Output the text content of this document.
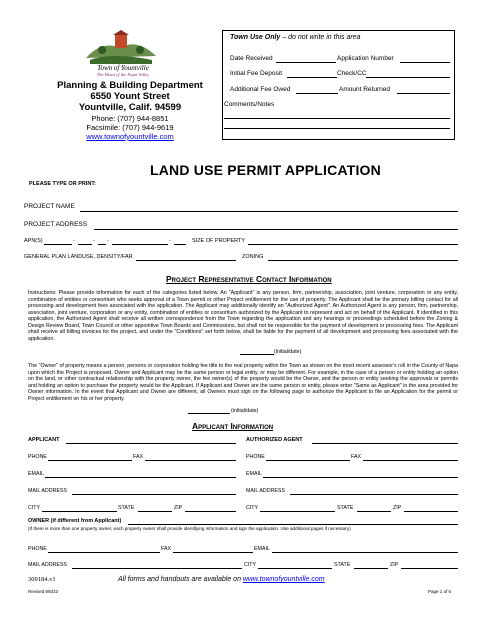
Town of Yountville
The Heart of the Napa Valley
Planning & Building Department
6550 Yount Street
Yountville, Calif. 94599
Phone: (707) 944-8851
Facsimile: (707) 944-9619
www.townofyountville.com
Town Use Only – do not write in this area
Date Received	Application Number
Initial Fee Deposit	Check/CC
Additional Fee Owed	Amount Returned
Comments/Notes
LAND USE PERMIT APPLICATION
PLEASE TYPE OR PRINT:
PROJECT NAME
PROJECT ADDRESS
APN(S)	-	- -	-	SIZE OF PROPERTY
GENERAL PLAN LANDUSE, DENSITY/FAR	ZONING
Project Representative Contact Information
Instructions: Please provide information for each of the categories listed below. An "Applicant" is any person, firm, partnership, association, joint venture, corporation or any entity, combination of entities or consortium who seeks approval of a Town permit or other Project entitlement for the use of property. The Applicant shall be the primary billing contact for all processing and development fees associated with the application. The Applicant may additionally identify an "Authorized Agent". An Authorized Agent is any person, firm, partnership, association, joint venture, corporation or any entity, combination of entities or consortium authorized by the Applicant to represent and act on behalf of the Applicant. If identified in this application, the Authorized Agent shall receive all written correspondence from the Town regarding the application and any hearings or proceedings scheduled before the Zoning & Design Review Board, Town Council or other appointive Town Boards and Commissions, but shall not be responsible for the payment of development or processing fees. The Applicant shall receive all billing invoices for the project, and under the "Conditions" set forth below, shall be liable for the payment of all development and processing fees associated with the application.
(initial/date)
The "Owner" of property means a person, persons or corporation holding fee title to the real property within the Town as shown on the most recent assessor's roll in the County of Napa upon which the Project is proposed. Owner and Applicant may be the same person or legal entity, or may be different. For example, in the case of a person or entity holding an option on the land, or other contractual relationship with the property owner, the fee owner(s) of the property would be the Owner, and the person or entity seeking the approvals or permits and holding an option to purchase the property would be the Applicant. If Applicant and Owner are the same person or entity, please enter "Same as Applicant" in the area provided for Owner information. In the event that Applicant and Owner are different, all Owners must sign on the following page to authorize the Applicant to file an Application for the permit or Project entitlement on his or her property.
(initial/date)
Applicant Information
APPLICANT	AUTHORIZED AGENT
PHONE	FAX	PHONE	FAX
EMAIL	EMAIL
MAIL ADDRESS	MAIL ADDRESS
CITY	STATE	ZIP	CITY	STATE	ZIP
OWNER (if different from Applicant)
(If there is more than one property owner, each property owner shall provide identifying information and sign the application. Use additional pages if necessary)
PHONE	FAX	EMAIL
MAIL ADDRESS	CITY	STATE	ZIP
309184.v1	All forms and handouts are available on www.townofyountville.com
Revised 8/6/23	Page 1 of 6
